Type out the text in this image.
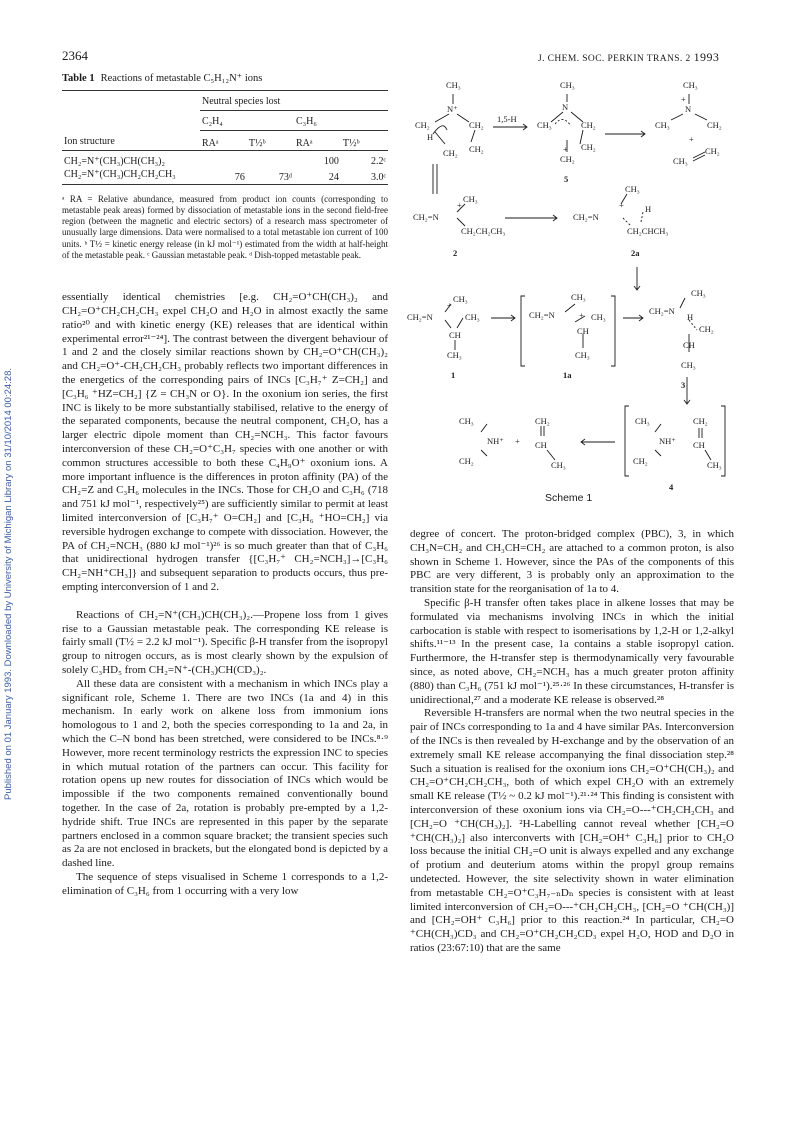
Published on 01 January 1993. Downloaded by University of Michigan Library on 31/10/2014 00:24:28.
2364	J. CHEM. SOC. PERKIN TRANS. 2 1993
Table 1 Reactions of metastable C₅H₁₂N⁺ ions
	Neutral species lost			
	C₂H₄		C₃H₆	
Ion structure	RAᵃ	T½ᵇ	RAᵃ	T½ᵇ
CH₂=N⁺(CH₃)CH(CH₃)₂			100	2.2ᶜ
CH₂=N⁺(CH₃)CH₂CH₂CH₃	76	73ᵈ	24	3.0ᶜ
ᵃ RA = Relative abundance, measured from product ion counts (corresponding to metastable peak areas) formed by dissociation of metastable ions in the second field-free region (between the magnetic and electric sectors) of a research mass spectrometer of unusually large dimensions. Data were normalised to a total metastable ion current of 100 units. ᵇ T½ = kinetic energy release (in kJ mol⁻¹) estimated from the width at half-height of the metastable peak. ᶜ Gaussian metastable peak. ᵈ Dish-topped metastable peak.

essentially identical chemistries [e.g. CH₂=O⁺CH(CH₃)₂ and CH₂=O⁺CH₂CH₂CH₃ expel CH₂O and H₂O in almost exactly the same ratio²⁰ and with kinetic energy (KE) releases that are identical within experimental error²¹⁻²⁴]. The contrast between the divergent behaviour of 1 and 2 and the closely similar reactions shown by CH₂=O⁺CH(CH₃)₂ and CH₂=O⁺-CH₂CH₂CH₃ probably reflects two important differences in the energetics of the corresponding pairs of INCs [C₃H₇⁺ Z=CH₂] and [C₃H₆ ⁺HZ=CH₂] {Z = CH₃N or O}. In the oxonium ion series, the first INC is likely to be more substantially stabilised, relative to the energy of the separated components, because the neutral component, CH₂O, has a larger electric dipole moment than CH₂=NCH₃. This factor favours interconversion of these CH₂=O⁺C₃H₇ species with one another or with common structures accessible to both these C₄H₉O⁺ oxonium ions. A more important influence is the differences in proton affinity (PA) of the CH₂=Z and C₃H₆ molecules in the INCs. Those for CH₂O and C₃H₆ (718 and 751 kJ mol⁻¹, respectively²⁵) are sufficiently similar to permit at least limited interconversion of [C₃H₇⁺ O=CH₂] and [C₃H₆ ⁺HO=CH₂] via reversible hydrogen exchange to compete with dissociation. However, the PA of CH₂=NCH₃ (880 kJ mol⁻¹)²⁶ is so much greater than that of C₃H₆ that unidirectional hydrogen transfer {[C₃H₇⁺ CH₂=NCH₃]→[C₃H₆ CH₂=NH⁺CH₃]} and subsequent separation to products occurs, thus pre-empting interconversion of 1 and 2.

Reactions of CH₂=N⁺(CH₃)CH(CH₃)₂.—Propene loss from 1 gives rise to a Gaussian metastable peak. The corresponding KE release is fairly small (T½ = 2.2 kJ mol⁻¹). Specific β-H transfer from the isopropyl group to nitrogen occurs, as is most clearly shown by the expulsion of solely C₃HD₅ from CH₂=N⁺-(CH₃)CH(CD₃)₂.

All these data are consistent with a mechanism in which INCs play a significant role, Scheme 1. There are two INCs (1a and 4) in this mechanism. In early work on alkene loss from immonium ions homologous to 1 and 2, both the species corresponding to 1a and 2a, in which the C–N bond has been stretched, were considered to be INCs.⁸·⁹ However, more recent terminology restricts the expression INC to species in which mutual rotation of the partners can occur. This facility for rotation opens up new routes for dissociation of INCs which would be impossible if the two components remained conventionally bound together. In the case of 2a, rotation is probably pre-empted by a 1,2-hydride shift. True INCs are represented in this paper by the separate partners enclosed in a common square bracket; the transient species such as 2a are not enclosed in brackets, but the elongated bond is depicted by a dashed line.

The sequence of steps visualised in Scheme 1 corresponds to a 1,2-elimination of C₃H₆ from 1 occurring with a very low

CH₃
N⁺
CH₂	CH₂
H
CH₂
CH₂
1,5-H
CH₃
N
CH₃	CH₂
CH₂
+
CH₂
5
CH₃
+
N
CH₃	CH₂
+
CH₃
CH₂
CH₃
+
CH₂=N
CH₂CH₂CH₃
2
CH₃
+ H
CH₂=N
CH₂CHCH₃
2a
CH₃
+
CH₂=N	CH₃
CH
CH₃
1
CH₃
CH₂=N	CH₃
+
CH
CH₃
1a
CH₃
CH₂=N
H
CH₂
CH
CH₃
3
CH₃	CH₂
NH⁺ CH
CH₂	CH₃
4
CH₃
NH⁺ +
CH₂
CH₂
CH
CH₃
Scheme 1

degree of concert. The proton-bridged complex (PBC), 3, in which CH₃N=CH₂ and CH₃CH=CH₂ are attached to a common proton, is also shown in Scheme 1. However, since the PAs of the components of this PBC are very different, 3 is probably only an approximation to the transition state for the reorganisation of 1a to 4.

Specific β-H transfer often takes place in alkene losses that may be formulated via mechanisms involving INCs in which the initial carbocation is stable with respect to isomerisations by 1,2-H or 1,2-alkyl shifts.¹¹⁻¹³ In the present case, 1a contains a stable isopropyl cation. Furthermore, the H-transfer step is thermodynamically very favourable since, as noted above, CH₂=NCH₃ has a much greater proton affinity (880) than C₃H₆ (751 kJ mol⁻¹).²⁵·²⁶ In these circumstances, H-transfer is unidirectional,²⁷ and a moderate KE release is observed.²⁸

Reversible H-transfers are normal when the two neutral species in the pair of INCs corresponding to 1a and 4 have similar PAs. Interconversion of the INCs is then revealed by H-exchange and by the observation of an extremely small KE release accompanying the final dissociation step.²⁸ Such a situation is realised for the oxonium ions CH₂=O⁺CH(CH₃)₂ and CH₂=O⁺CH₂CH₂CH₃, both of which expel CH₂O with an extremely small KE release (T½ ~ 0.2 kJ mol⁻¹).²¹·²⁴ This finding is consistent with interconversion of these oxonium ions via CH₂=O---⁺CH₂CH₂CH₃ and [CH₂=O ⁺CH(CH₃)₂]. ²H-Labelling cannot reveal whether [CH₂=O ⁺CH(CH₃)₂] also interconverts with [CH₂=OH⁺ C₃H₆] prior to CH₂O loss because the initial CH₂=O unit is always expelled and any exchange of protium and deuterium atoms within the propyl group remains undetected. However, the site selectivity shown in water elimination from metastable CH₂=O⁺C₃H₇₋ₙDₙ species is consistent with at least limited interconversion of CH₂=O---⁺CH₂CH₂CH₃, [CH₂=O ⁺CH(CH₃)] and [CH₂=OH⁺ C₃H₆] prior to this reaction.²⁴ In particular, CH₂=O ⁺CH(CH₃)CD₃ and CH₂=O⁺CH₂CH₂CD₃ expel H₂O, HOD and D₂O in ratios (23:67:10) that are the same
